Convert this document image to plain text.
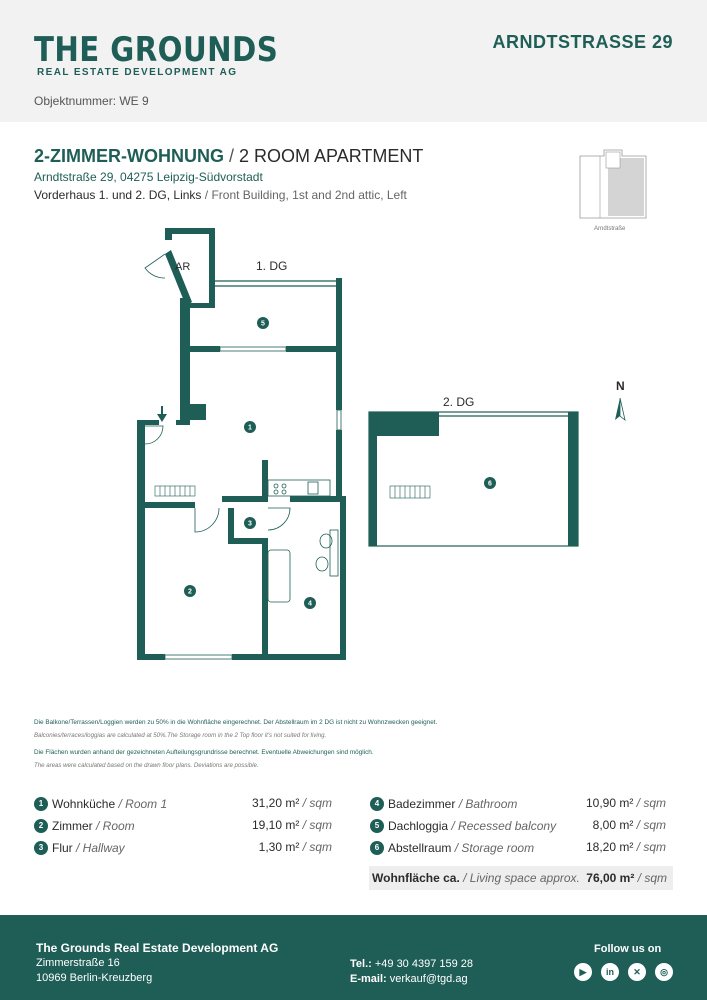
THE GROUNDS
REAL ESTATE DEVELOPMENT AG
ARNDTSTRASSE 29
Objektnummer: WE 9
2-ZIMMER-WOHNUNG / 2 ROOM APARTMENT
Arndtstraße 29, 04275 Leipzig-Südvorstadt
Vorderhaus 1. und 2. DG, Links / Front Building, 1st and 2nd attic, Left
Arndtstraße
1
2
3
4
5
6
1. DG
2. DG
AR
N
Die Balkone/Terrassen/Loggien werden zu 50% in die Wohnfläche eingerechnet. Der Abstellraum im 2 DG ist nicht zu Wohnzwecken geeignet.
Balconies/terraces/loggias are calculated at 50%.The Storage room in the 2 Top floor it's not suited for living.
Die Flächen wurden anhand der gezeichneten Aufteilungsgrundrisse berechnet. Eventuelle Abweichungen sind möglich.
The areas were calculated based on the drawn floor plans. Deviations are possible.
1 Wohnküche / Room 1	31,20 m² / sqm
2 Zimmer / Room	19,10 m² / sqm
3 Flur / Hallway	1,30 m² / sqm
4 Badezimmer / Bathroom	10,90 m² / sqm
5 Dachloggia / Recessed balcony	8,00 m² / sqm
6 Abstellraum / Storage room	18,20 m² / sqm
Wohnfläche ca. / Living space approx. 76,00 m² / sqm
The Grounds Real Estate Development AG
Zimmerstraße 16
10969 Berlin-Kreuzberg
Tel.: +49 30 4397 159 28
E-mail: verkauf@tgd.ag
Follow us on
▶	in	✕	◎
